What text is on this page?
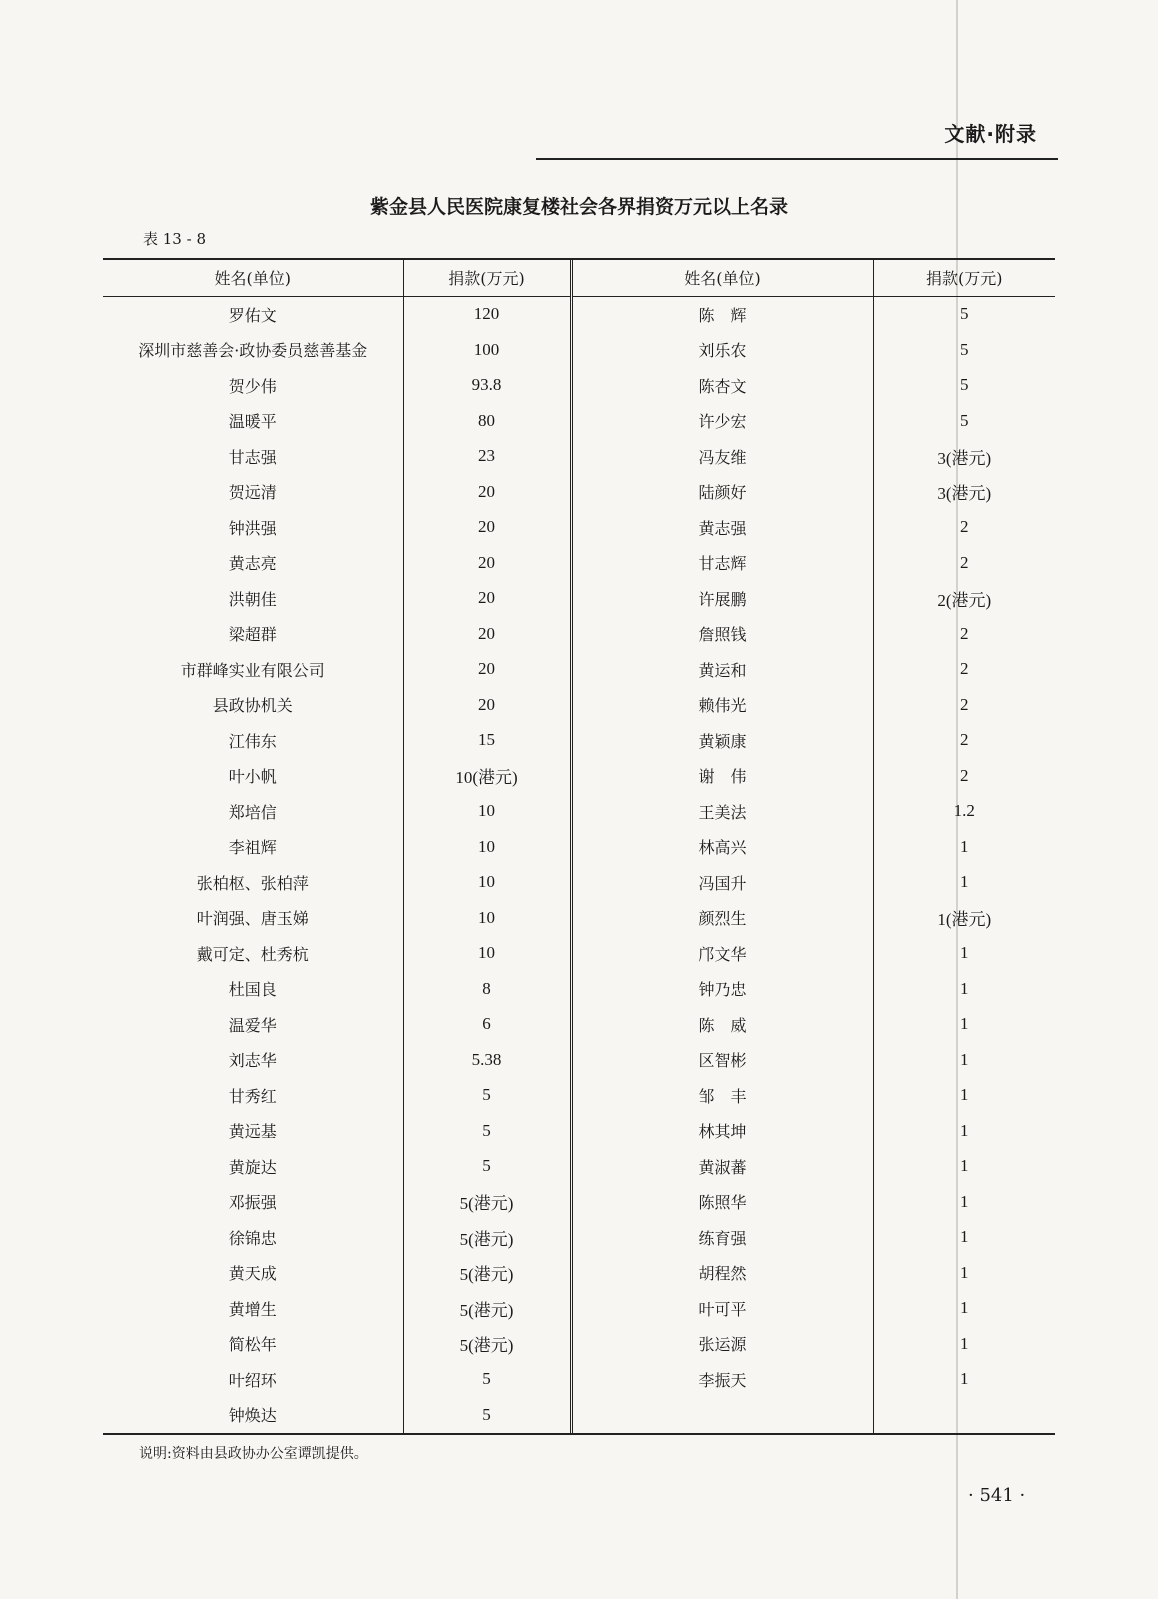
文献·附录
紫金县人民医院康复楼社会各界捐资万元以上名录
表 13 - 8
姓名(单位)	捐款(万元)	姓名(单位)	捐款(万元)
罗佑文	120	陈　辉	5
深圳市慈善会·政协委员慈善基金	100	刘乐农	5
贺少伟	93.8	陈杏文	5
温暖平	80	许少宏	5
甘志强	23	冯友维	3(港元)
贺远清	20	陆颜好	3(港元)
钟洪强	20	黄志强	2
黄志亮	20	甘志辉	2
洪朝佳	20	许展鹏	2(港元)
梁超群	20	詹照钱	2
市群峰实业有限公司	20	黄运和	2
县政协机关	20	赖伟光	2
江伟东	15	黄颖康	2
叶小帆	10(港元)	谢　伟	2
郑培信	10	王美法	1.2
李祖辉	10	林高兴	1
张柏枢、张柏萍	10	冯国升	1
叶润强、唐玉娣	10	颜烈生	1(港元)
戴可定、杜秀杭	10	邝文华	1
杜国良	8	钟乃忠	1
温爱华	6	陈　威	1
刘志华	5.38	区智彬	1
甘秀红	5	邹　丰	1
黄远基	5	林其坤	1
黄旋达	5	黄淑蕃	1
邓振强	5(港元)	陈照华	1
徐锦忠	5(港元)	练育强	1
黄天成	5(港元)	胡程然	1
黄增生	5(港元)	叶可平	1
简松年	5(港元)	张运源	1
叶绍环	5	李振天	1
钟焕达	5		
说明:资料由县政协办公室谭凯提供。
· 541 ·
